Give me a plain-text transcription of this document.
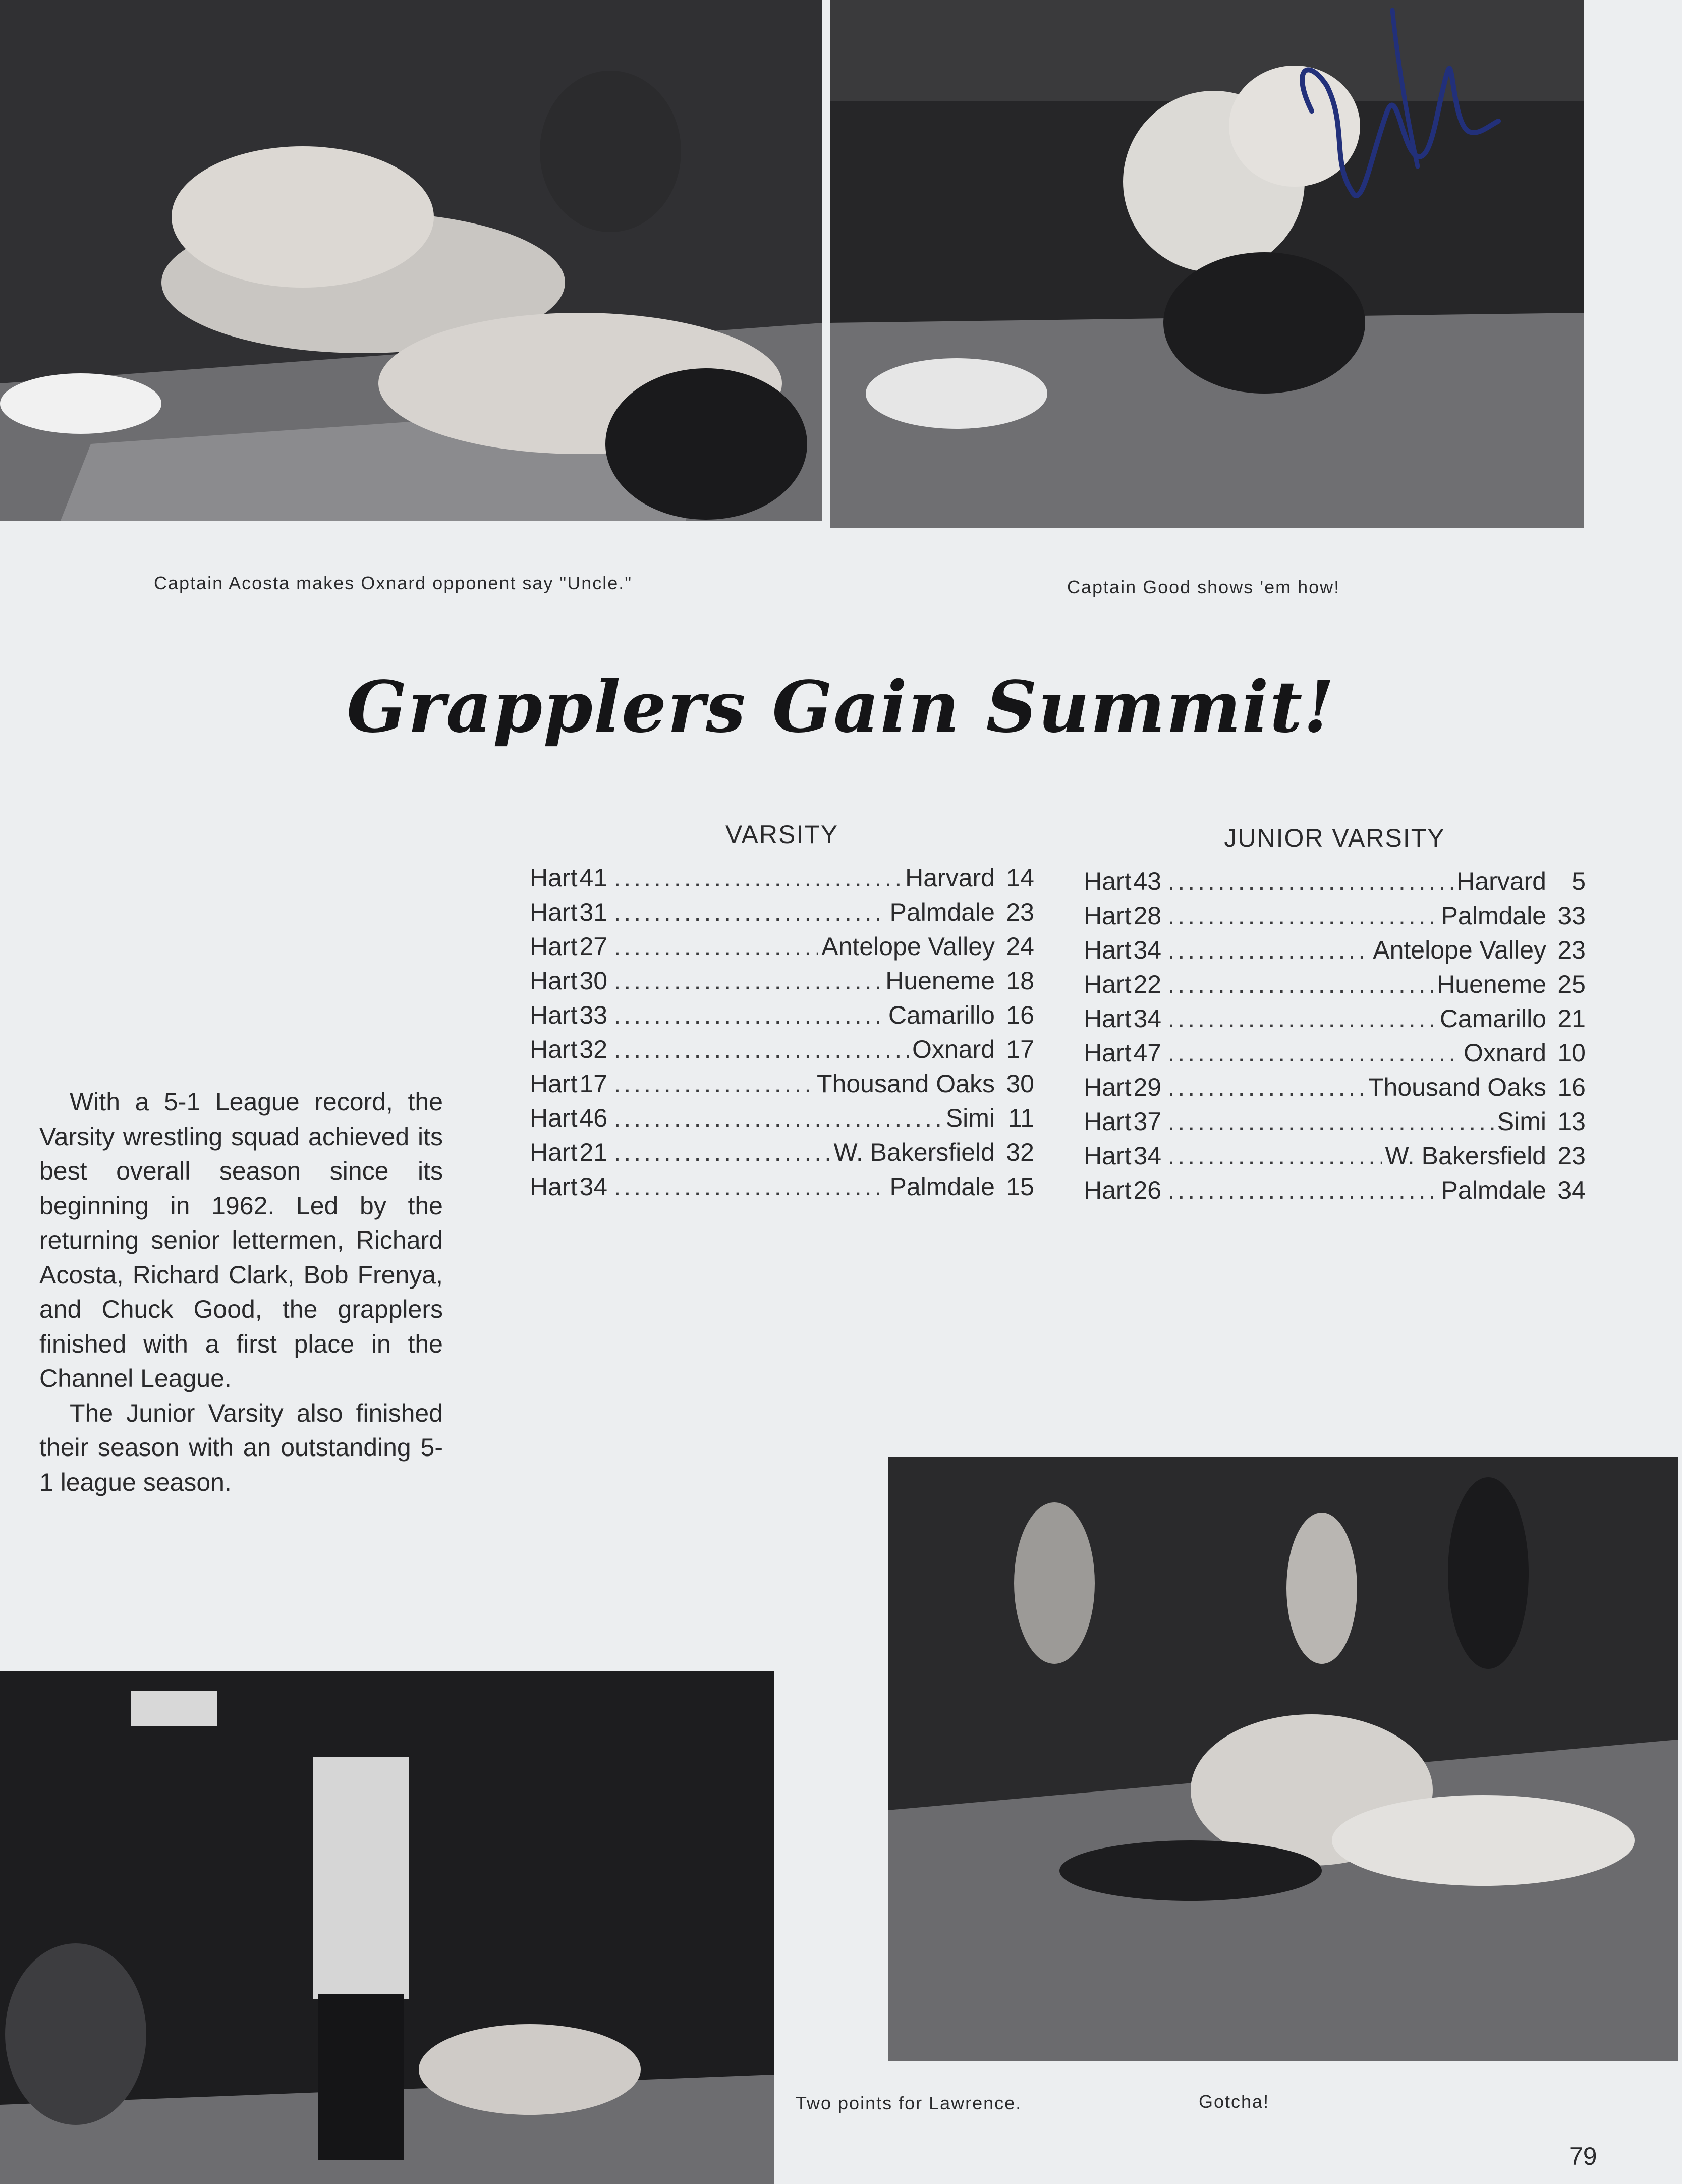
Captain Acosta makes Oxnard opponent say "Uncle."	Captain Good shows 'em how!
Grapplers Gain Summit!
VARSITY
Hart 41 .....	Harvard 14
Hart 31 .....	Palmdale 23
Hart 27 .....	Antelope Valley 24
Hart 30 .....	Hueneme 18
Hart 33 .....	Camarillo 16
Hart 32 .....	Oxnard 17
Hart 17 .....	Thousand Oaks 30
Hart 46 .....	Simi 11
Hart 21 .....	W. Bakersfield 32
Hart 34 .....	Palmdale 15
JUNIOR VARSITY
Hart 43 .....	Harvard	5
Hart 28 .....	Palmdale 33
Hart 34 .....	Antelope Valley 23
Hart 22 .....	Hueneme 25
Hart 34 .....	Camarillo 21
Hart 47 .....	Oxnard 10
Hart 29 .....	Thousand Oaks 16
Hart 37 .....	Simi 13
Hart 34 .....	W. Bakersfield 23
Hart 26 .....	Palmdale 34

With a 5-1 League record, the Varsity wrestling squad achieved its best overall season since its beginning in 1962. Led by the returning senior lettermen, Richard Acosta, Richard Clark, Bob Frenya, and Chuck Good, the grapplers finished with a first place in the Channel League.

The Junior Varsity also finished their season with an outstanding 5-1 league season.

Two points for Lawrence.	Gotcha!
79
